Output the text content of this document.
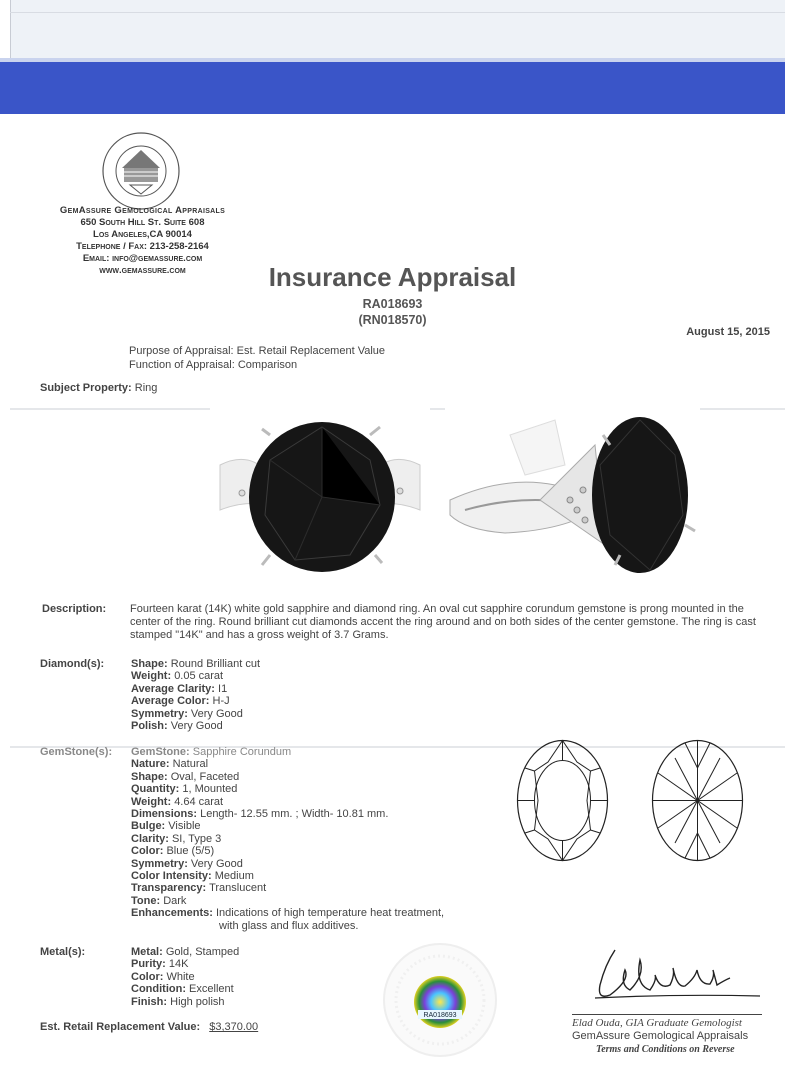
GemAssure Gemological Appraisals
650 South Hill St. Suite 608
Los Angeles,CA 90014
Telephone / Fax: 213-258-2164
Email: info@gemassure.com
www.gemassure.com	Insurance Appraisal
RA018693
(RN018570)
August 15, 2015
Purpose of Appraisal: Est. Retail Replacement Value
Function of Appraisal: Comparison
Subject Property: Ring
Description: Fourteen karat (14K) white gold sapphire and diamond ring. An oval cut sapphire corundum gemstone is prong mounted in the center of the ring. Round brilliant cut diamonds accent the ring around and on both sides of the center gemstone. The ring is cast stamped "14K" and has a gross weight of 3.7 Grams.
Diamond(s): Shape: Round Brilliant cut
Weight: 0.05 carat
Average Clarity: I1
Average Color: H-J
Symmetry: Very Good
Polish: Very Good
GemStone(s): GemStone: Sapphire Corundum
Nature: Natural
Shape: Oval, Faceted
Quantity: 1, Mounted
Weight: 4.64 carat
Dimensions: Length- 12.55 mm. ; Width- 10.81 mm.
Bulge: Visible
Clarity: SI, Type 3
Color: Blue (5/5)
Symmetry: Very Good
Color Intensity: Medium
Transparency: Translucent
Tone: Dark
Enhancements: Indications of high temperature heat treatment,
with glass and flux additives.
Metal(s):	Metal: Gold, Stamped
Purity: 14K
Color: White
Condition: Excellent
Finish: High polish
RA018693
Est. Retail Replacement Value: $3,370.00	Elad Ouda, GIA Graduate Gemologist
GemAssure Gemological Appraisals
Terms and Conditions on Reverse
